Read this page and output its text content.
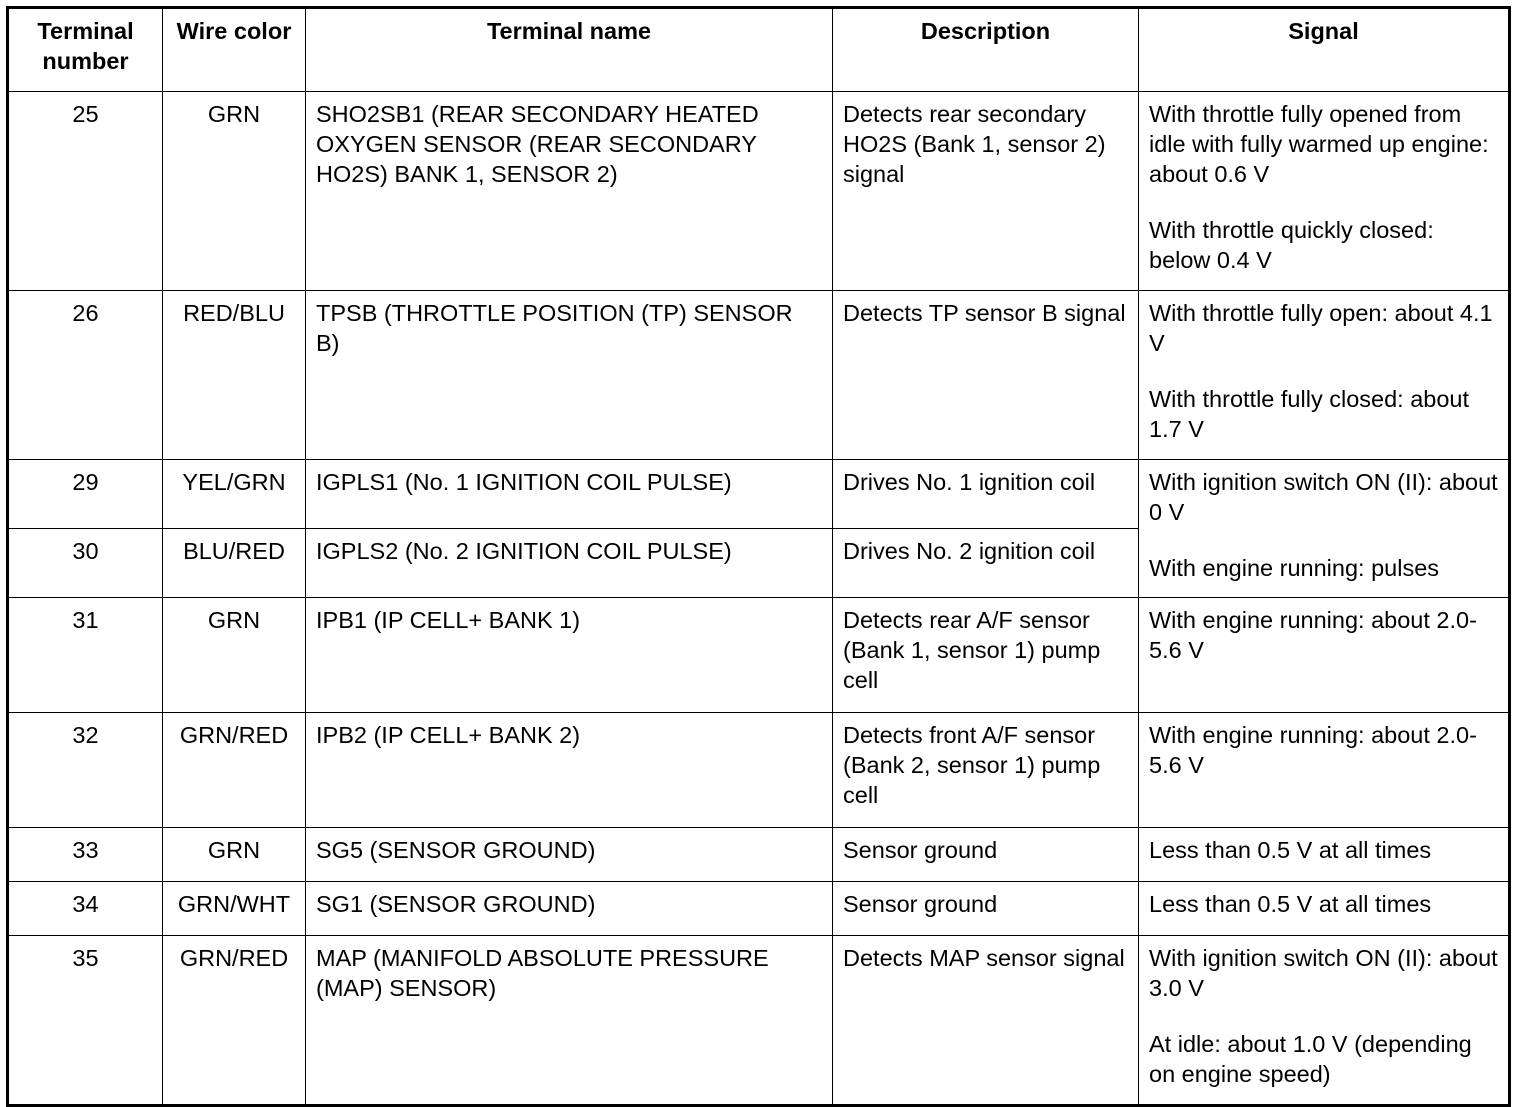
Terminal number	Wire color	Terminal name	Description	Signal
25	GRN	SHO2SB1 (REAR SECONDARY HEATED OXYGEN SENSOR (REAR SECONDARY HO2S) BANK 1, SENSOR 2)	Detects rear secondary HO2S (Bank 1, sensor 2) signal	With throttle fully opened from idle with fully warmed up engine: about 0.6 V
With throttle quickly closed: below 0.4 V

26	RED/BLU	TPSB (THROTTLE POSITION (TP) SENSOR B)	Detects TP sensor B signal	With throttle fully open: about 4.1 V
With throttle fully closed: about 1.7 V

29	YEL/GRN	IGPLS1 (No. 1 IGNITION COIL PULSE)	Drives No. 1 ignition coil	With ignition switch ON (II): about 0 V
With engine running: pulses

30	BLU/RED	IGPLS2 (No. 2 IGNITION COIL PULSE)	Drives No. 2 ignition coil	
31	GRN	IPB1 (IP CELL+ BANK 1)	Detects rear A/F sensor (Bank 1, sensor 1) pump cell	With engine running: about 2.0-5.6 V

32	GRN/RED	IPB2 (IP CELL+ BANK 2)	Detects front A/F sensor (Bank 2, sensor 1) pump cell	With engine running: about 2.0-5.6 V

33	GRN	SG5 (SENSOR GROUND)	Sensor ground	Less than 0.5 V at all times

34	GRN/WHT	SG1 (SENSOR GROUND)	Sensor ground	Less than 0.5 V at all times

35	GRN/RED	MAP (MANIFOLD ABSOLUTE PRESSURE (MAP) SENSOR)	Detects MAP sensor signal	With ignition switch ON (II): about 3.0 V
At idle: about 1.0 V (depending on engine speed)
